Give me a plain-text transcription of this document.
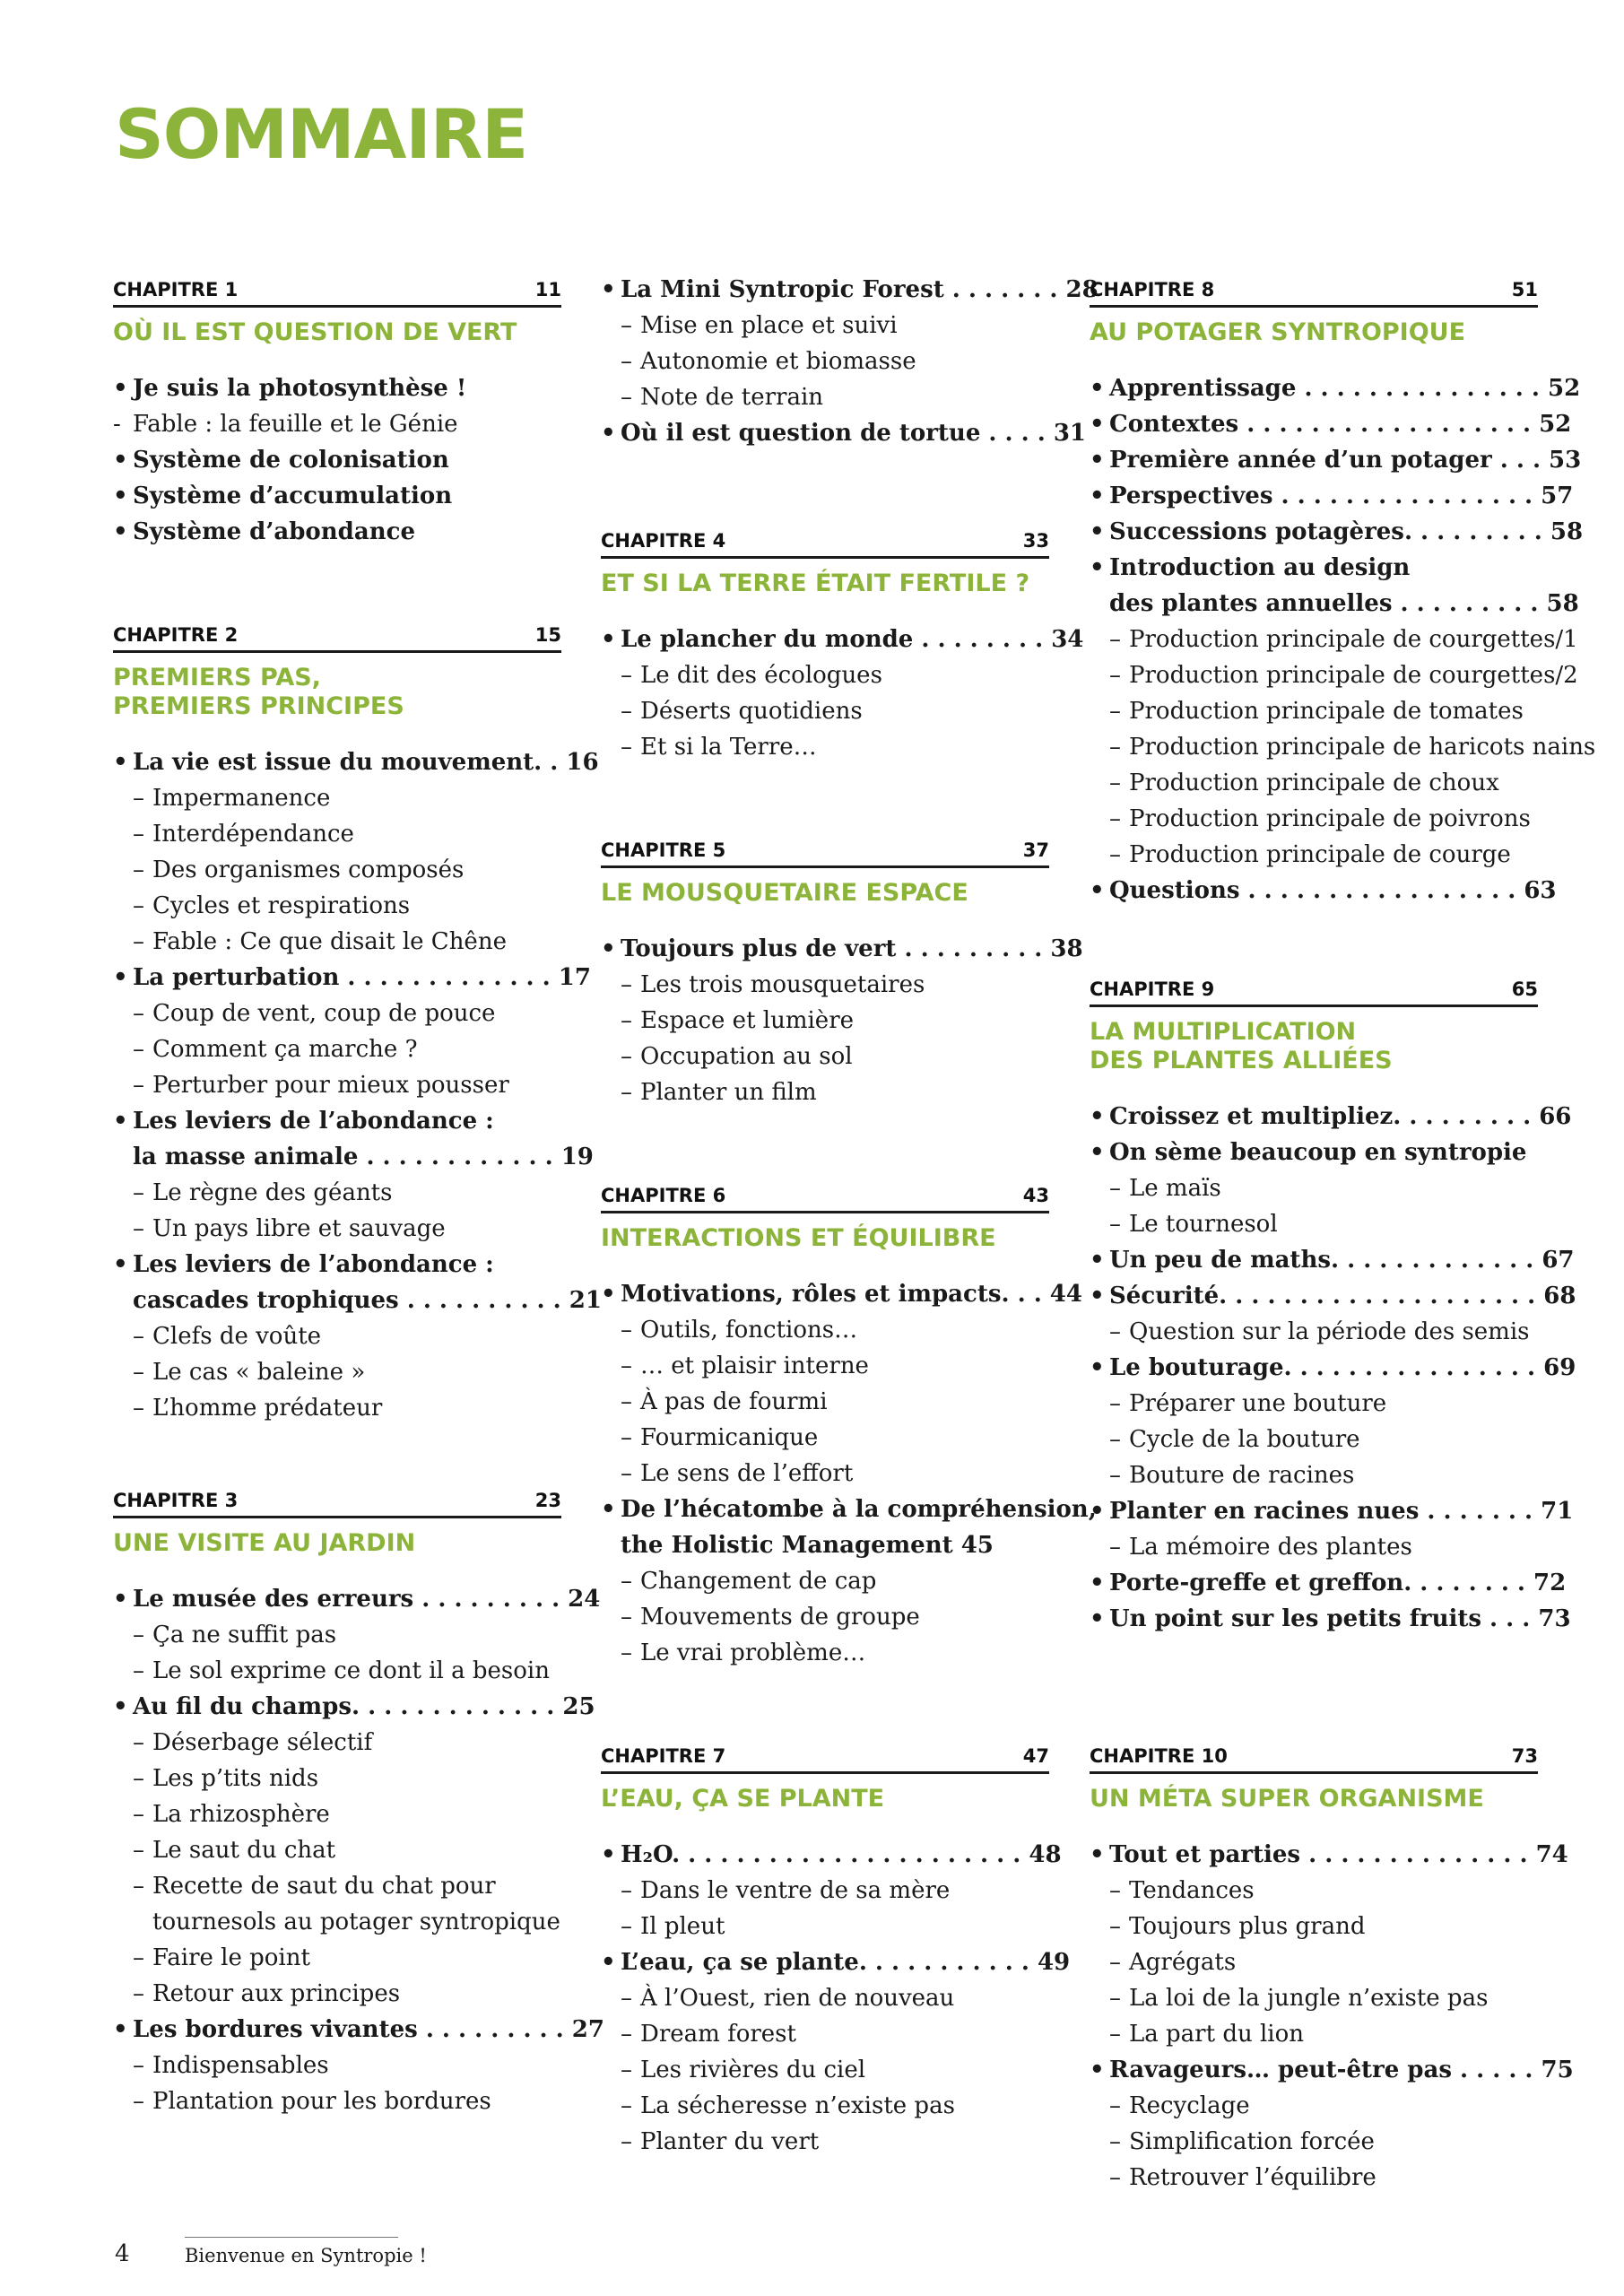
SOMMAIRE
CHAPITRE 1	11
OÙ IL EST QUESTION DE VERT
• Je suis la photosynthèse !
- Fable : la feuille et le Génie
• Système de colonisation
• Système d’accumulation
• Système d’abondance
CHAPITRE 2	15
PREMIERS PAS,
PREMIERS PRINCIPES
• La vie est issue du mouvement. . 16
– Impermanence
– Interdépendance
– Des organismes composés
– Cycles et respirations
– Fable : Ce que disait le Chêne
• La perturbation . . . . . . . . . . . . . 17
– Coup de vent, coup de pouce
– Comment ça marche ?
– Perturber pour mieux pousser
• Les leviers de l’abondance :
la masse animale . . . . . . . . . . . . 19
– Le règne des géants
– Un pays libre et sauvage
• Les leviers de l’abondance :
cascades trophiques . . . . . . . . . . 21
– Clefs de voûte
– Le cas « baleine »
– L’homme prédateur
CHAPITRE 3	23
UNE VISITE AU JARDIN
• Le musée des erreurs . . . . . . . . . 24
– Ça ne suffit pas
– Le sol exprime ce dont il a besoin
• Au fil du champs. . . . . . . . . . . . . 25
– Déserbage sélectif
– Les p’tits nids
– La rhizosphère
– Le saut du chat
– Recette de saut du chat pour
tournesols au potager syntropique
– Faire le point
– Retour aux principes
• Les bordures vivantes . . . . . . . . . 27
– Indispensables
– Plantation pour les bordures
• La Mini Syntropic Forest . . . . . . . 28
– Mise en place et suivi
– Autonomie et biomasse
– Note de terrain
• Où il est question de tortue . . . . 31
CHAPITRE 4	33
ET SI LA TERRE ÉTAIT FERTILE ?
• Le plancher du monde . . . . . . . . 34
– Le dit des écologues
– Déserts quotidiens
– Et si la Terre…
CHAPITRE 5	37
LE MOUSQUETAIRE ESPACE
• Toujours plus de vert . . . . . . . . . 38
– Les trois mousquetaires
– Espace et lumière
– Occupation au sol
– Planter un film
CHAPITRE 6	43
INTERACTIONS ET ÉQUILIBRE
• Motivations, rôles et impacts. . . 44
– Outils, fonctions…
– … et plaisir interne
– À pas de fourmi
– Fourmicanique
– Le sens de l’effort
• De l’hécatombe à la compréhension,
the Holistic Management 45
– Changement de cap
– Mouvements de groupe
– Le vrai problème…
CHAPITRE 7	47
L’EAU, ÇA SE PLANTE
• H₂O. . . . . . . . . . . . . . . . . . . . . . 48
– Dans le ventre de sa mère
– Il pleut
• L’eau, ça se plante. . . . . . . . . . . 49
– À l’Ouest, rien de nouveau
– Dream forest
– Les rivières du ciel
– La sécheresse n’existe pas
– Planter du vert
CHAPITRE 8	51
AU POTAGER SYNTROPIQUE
• Apprentissage . . . . . . . . . . . . . . . 52
• Contextes . . . . . . . . . . . . . . . . . . 52
• Première année d’un potager . . . 53
• Perspectives . . . . . . . . . . . . . . . . 57
• Successions potagères. . . . . . . . . 58
• Introduction au design
des plantes annuelles . . . . . . . . . 58
– Production principale de courgettes/1
– Production principale de courgettes/2
– Production principale de tomates
– Production principale de haricots nains
– Production principale de choux
– Production principale de poivrons
– Production principale de courge
• Questions . . . . . . . . . . . . . . . . . 63
CHAPITRE 9	65
LA MULTIPLICATION
DES PLANTES ALLIÉES
• Croissez et multipliez. . . . . . . . . 66
• On sème beaucoup en syntropie
– Le maïs
– Le tournesol
• Un peu de maths. . . . . . . . . . . . . 67
• Sécurité. . . . . . . . . . . . . . . . . . . . 68
– Question sur la période des semis
• Le bouturage. . . . . . . . . . . . . . . . 69
– Préparer une bouture
– Cycle de la bouture
– Bouture de racines
• Planter en racines nues . . . . . . . 71
– La mémoire des plantes
• Porte-greffe et greffon. . . . . . . . 72
• Un point sur les petits fruits . . . 73
CHAPITRE 10	73
UN MÉTA SUPER ORGANISME
• Tout et parties . . . . . . . . . . . . . . 74
– Tendances
– Toujours plus grand
– Agrégats
– La loi de la jungle n’existe pas
– La part du lion
• Ravageurs… peut-être pas . . . . . 75
– Recyclage
– Simplification forcée
– Retrouver l’équilibre
4	Bienvenue en Syntropie !
